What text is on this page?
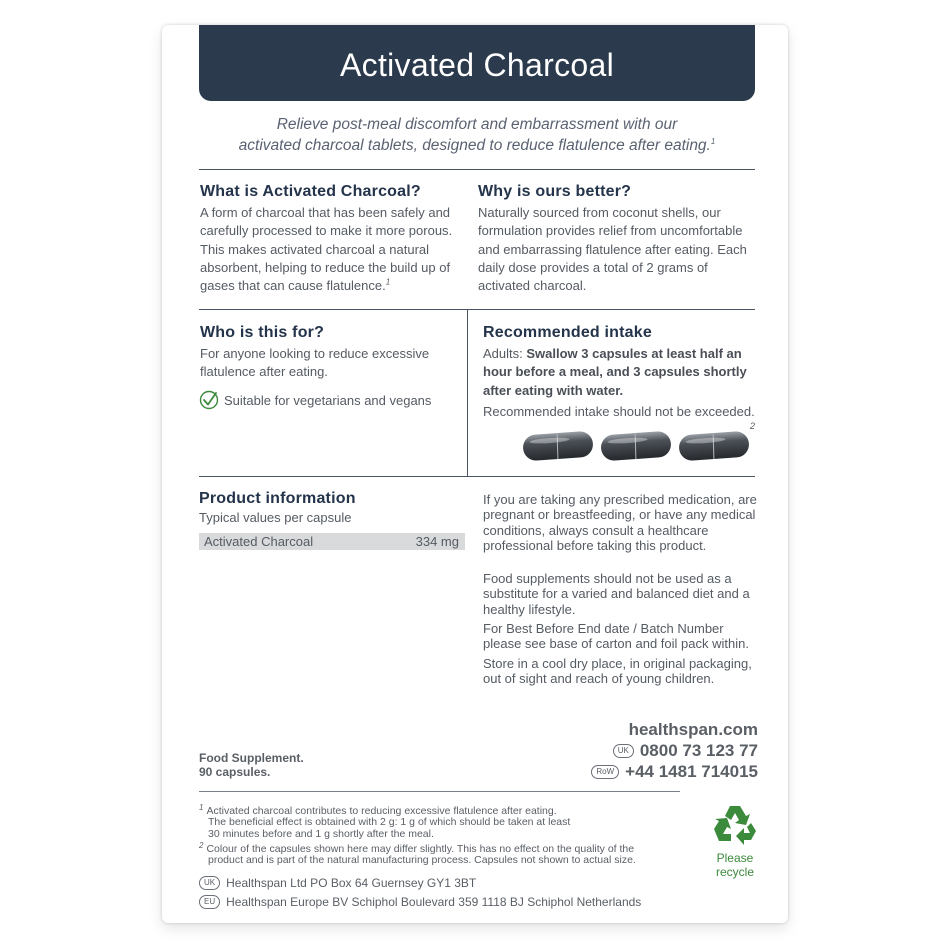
Activated Charcoal
Relieve post-meal discomfort and embarrassment with our
activated charcoal tablets, designed to reduce flatulence after eating.$^1$
What is Activated Charcoal?
A form of charcoal that has been safely and carefully processed to make it more porous. This makes activated charcoal a natural absorbent, helping to reduce the build up of gases that can cause flatulence.$^1$
Why is ours better?
Naturally sourced from coconut shells, our formulation provides relief from uncomfortable and embarrassing flatulence after eating. Each daily dose provides a total of 2 grams of activated charcoal.
Who is this for?
For anyone looking to reduce excessive flatulence after eating.
Suitable for vegetarians and vegans
Recommended intake
Adults: Swallow 3 capsules at least half an hour before a meal, and 3 capsules shortly after eating with water.
Recommended intake should not be exceeded.
2
Product information
Typical values per capsule
Activated Charcoal	334 mg
If you are taking any prescribed medication, are pregnant or breastfeeding, or have any medical conditions, always consult a healthcare professional before taking this product.
Food supplements should not be used as a substitute for a varied and balanced diet and a healthy lifestyle.
For Best Before End date / Batch Number please see base of carton and foil pack within.
Store in a cool dry place, in original packaging, out of sight and reach of young children.
healthspan.com
UK 0800 73 123 77
RoW +44 1481 714015
Food Supplement.
90 capsules.
$^1$ Activated charcoal contributes to reducing excessive flatulence after eating.
The beneficial effect is obtained with 2 g: 1 g of which should be taken at least
30 minutes before and 1 g shortly after the meal.
$^2$ Colour of the capsules shown here may differ slightly. This has no effect on the quality of the
product and is part of the natural manufacturing process. Capsules not shown to actual size.	Please
recycle
UK Healthspan Ltd PO Box 64 Guernsey GY1 3BT
EU Healthspan Europe BV Schiphol Boulevard 359 1118 BJ Schiphol Netherlands
